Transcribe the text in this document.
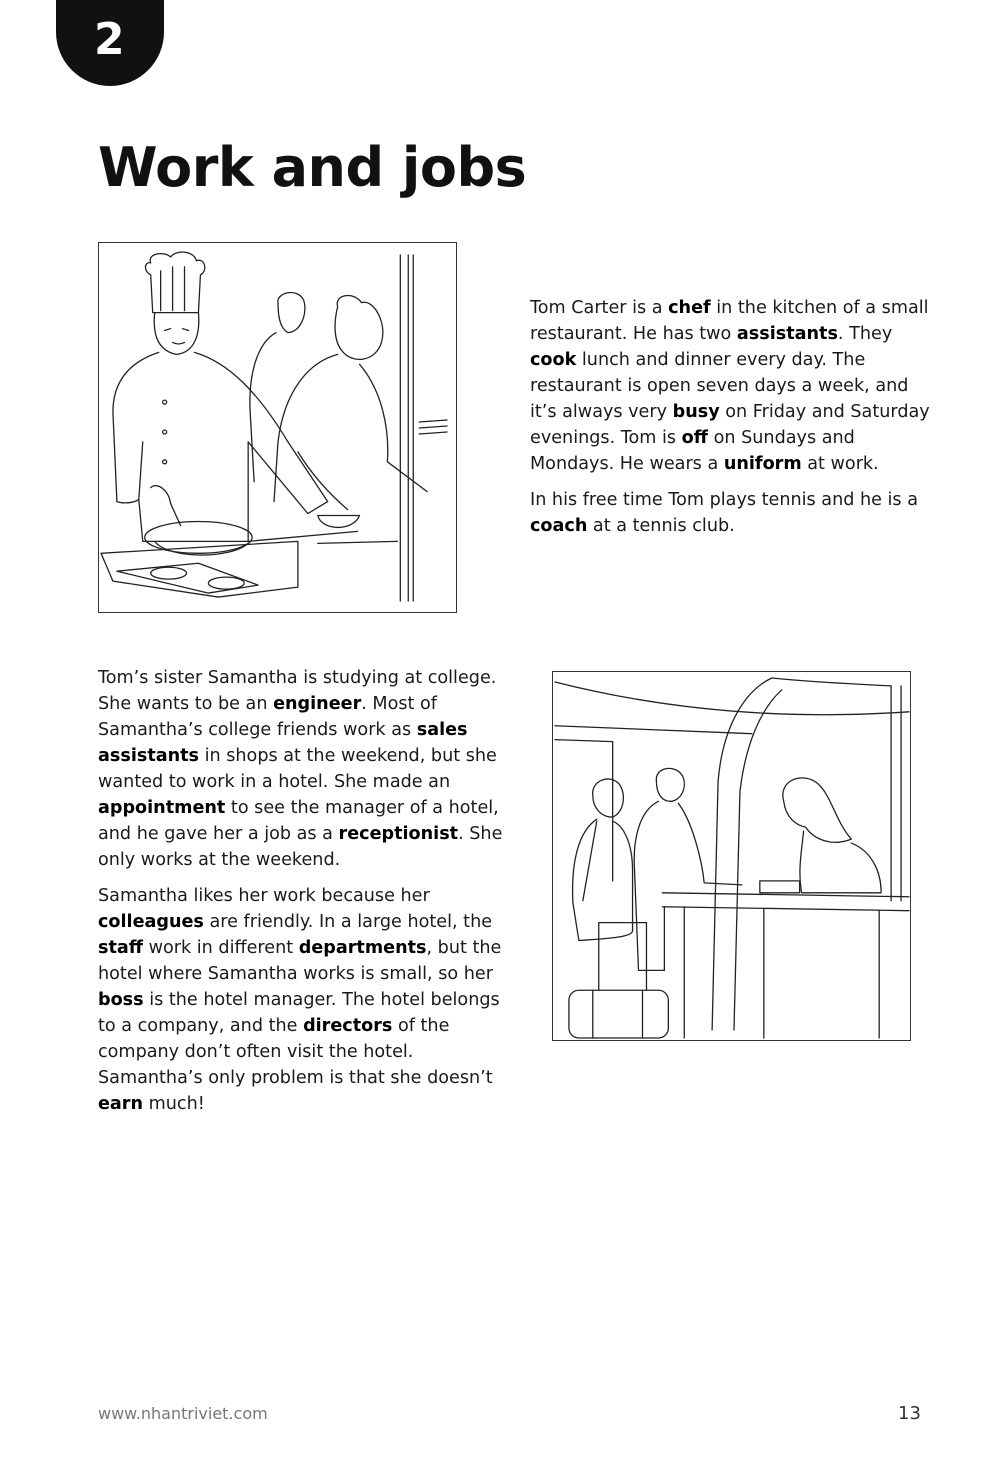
2
Work and jobs

Tom Carter is a chef in the kitchen of a small restaurant. He has two assistants. They cook lunch and dinner every day. The restaurant is open seven days a week, and it’s always very busy on Friday and Saturday evenings. Tom is off on Sundays and Mondays. He wears a uniform at work.

In his free time Tom plays tennis and he is a coach at a tennis club.

Tom’s sister Samantha is studying at college. She wants to be an engineer. Most of Samantha’s college friends work as sales assistants in shops at the weekend, but she wanted to work in a hotel. She made an appointment to see the manager of a hotel, and he gave her a job as a receptionist. She only works at the weekend.

Samantha likes her work because her colleagues are friendly. In a large hotel, the staff work in different departments, but the hotel where Samantha works is small, so her boss is the hotel manager. The hotel belongs to a company, and the directors of the company don’t often visit the hotel. Samantha’s only problem is that she doesn’t earn much!

www.nhantriviet.com	13
